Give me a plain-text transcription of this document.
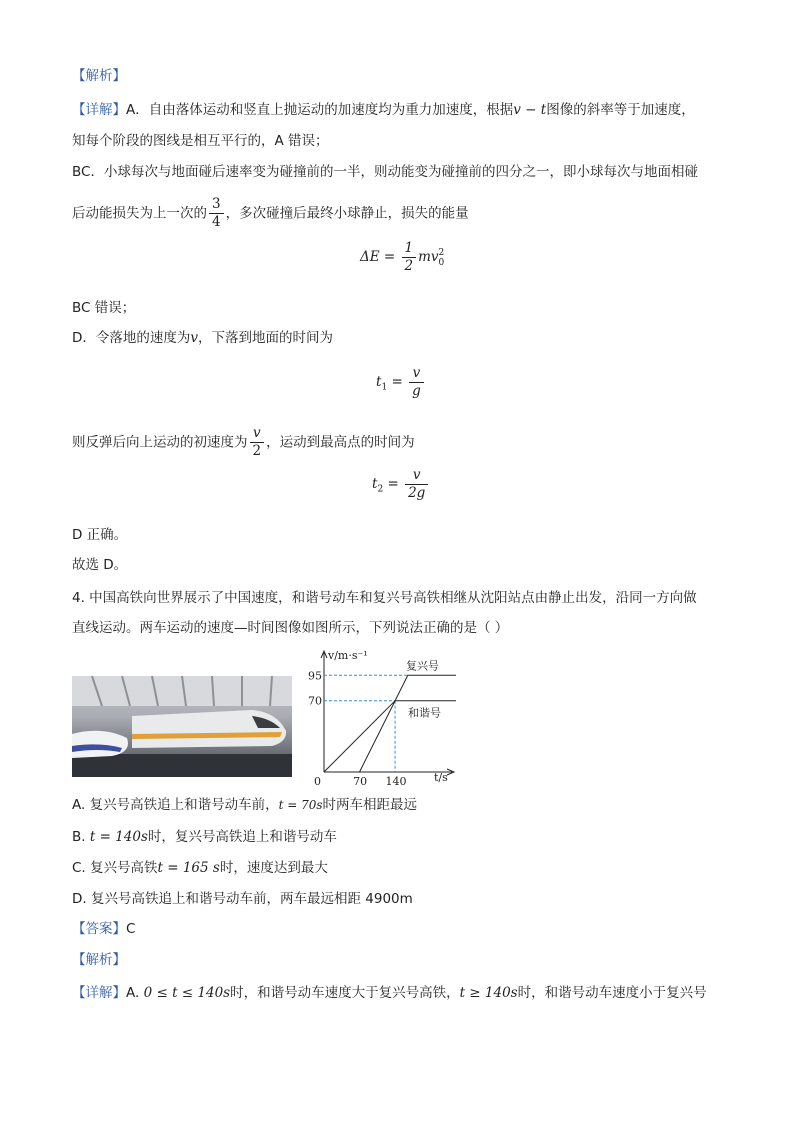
【解析】
【详解】A．自由落体运动和竖直上抛运动的加速度均为重力加速度，根据v − t图像的斜率等于加速度，
知每个阶段的图线是相互平行的，A 错误；
BC．小球每次与地面碰后速率变为碰撞前的一半，则动能变为碰撞前的四分之一，即小球每次与地面相碰
后动能损失为上一次的 $\frac{3}{4}$ ，多次碰撞后最终小球静止，损失的能量
$\Delta E = \frac{1}{2}$ mv 2
0
BC 错误；
D．令落地的速度为v，下落到地面的时间为
$t_1 = \frac{v}{g}$
则反弹后向上运动的初速度为 $\frac{v}{2}$ ，运动到最高点的时间为
$t_2 = \frac{v}{2g}$
D 正确。
故选 D。
4. 中国高铁向世界展示了中国速度，和谐号动车和复兴号高铁相继从沈阳站点由静止出发，沿同一方向做
直线运动。两车运动的速度—时间图像如图所示，下列说法正确的是（ ）
复兴号
和谐号
95
70
0	70 140
v/m·s⁻¹
t/s
A. 复兴号高铁追上和谐号动车前，t = 70s时两车相距最远
B. t = 140s时，复兴号高铁追上和谐号动车
C. 复兴号高铁t = 165 s时，速度达到最大
D. 复兴号高铁追上和谐号动车前，两车最远相距 4900m
【答案】C
【解析】
【详解】A. 0 ≤ t ≤ 140s时，和谐号动车速度大于复兴号高铁，t ≥ 140s时，和谐号动车速度小于复兴号
